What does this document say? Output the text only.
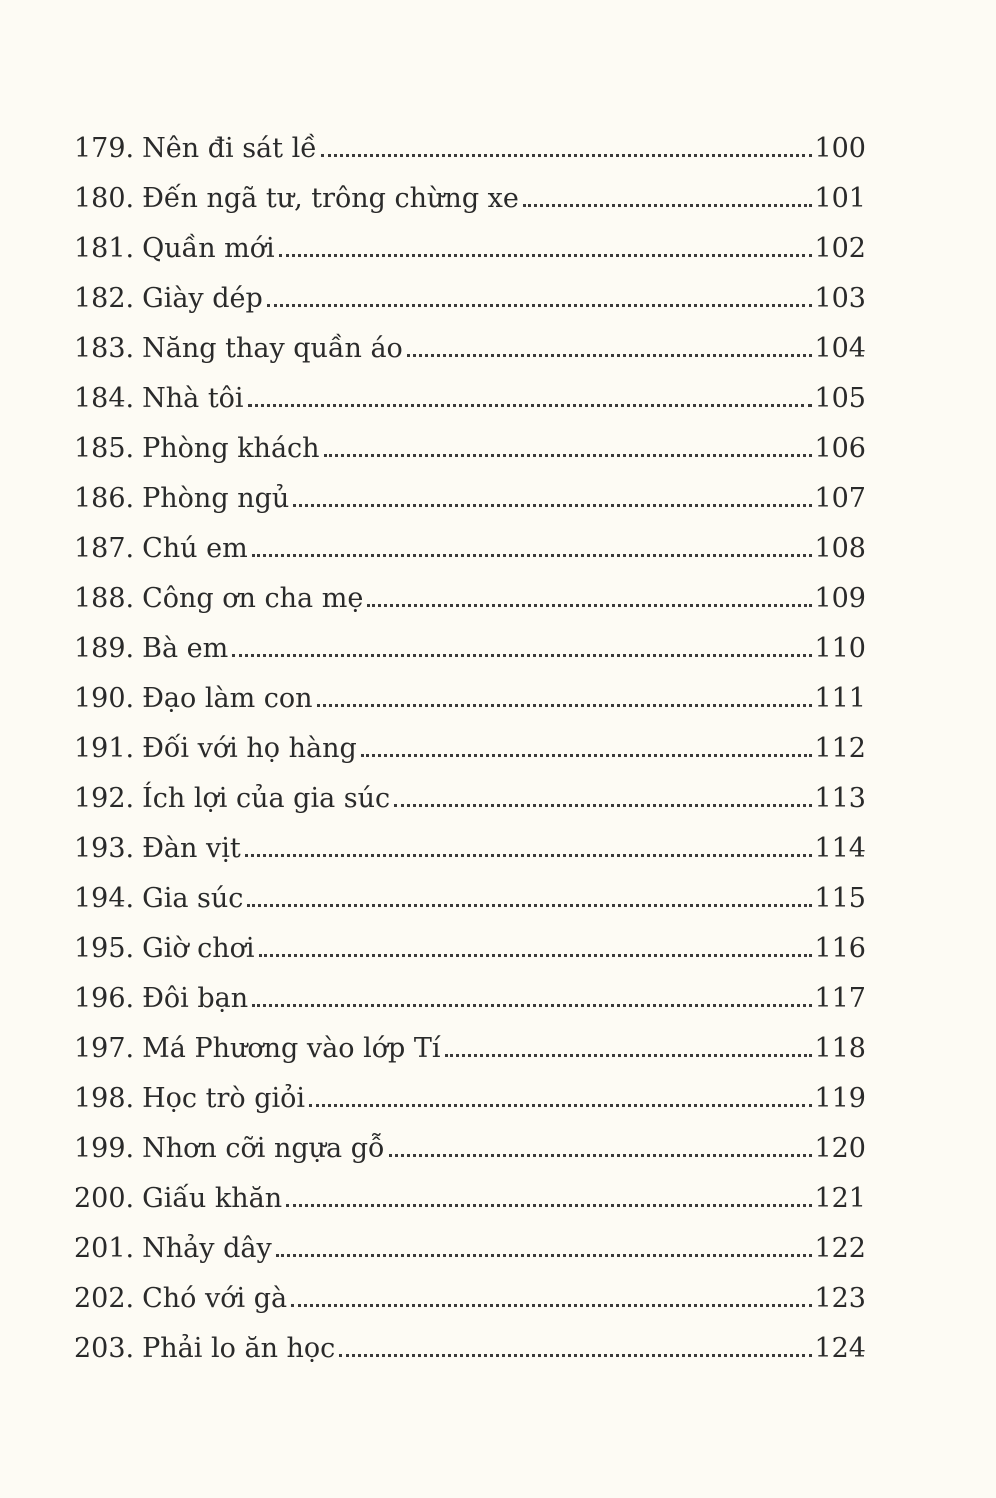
179. Nên đi sát lề	100
180. Đến ngã tư, trông chừng xe	101
181. Quần mới	102
182. Giày dép	103
183. Năng thay quần áo	104
184. Nhà tôi	105
185. Phòng khách	106
186. Phòng ngủ	107
187. Chú em	108
188. Công ơn cha mẹ	109
189. Bà em	110
190. Đạo làm con	111
191. Đối với họ hàng	112
192. Ích lợi của gia súc	113
193. Đàn vịt	114
194. Gia súc	115
195. Giờ chơi	116
196. Đôi bạn	117
197. Má Phương vào lớp Tí	118
198. Học trò giỏi	119
199. Nhơn cỡi ngựa gỗ	120
200. Giấu khăn	121
201. Nhảy dây	122
202. Chó với gà	123
203. Phải lo ăn học	124
